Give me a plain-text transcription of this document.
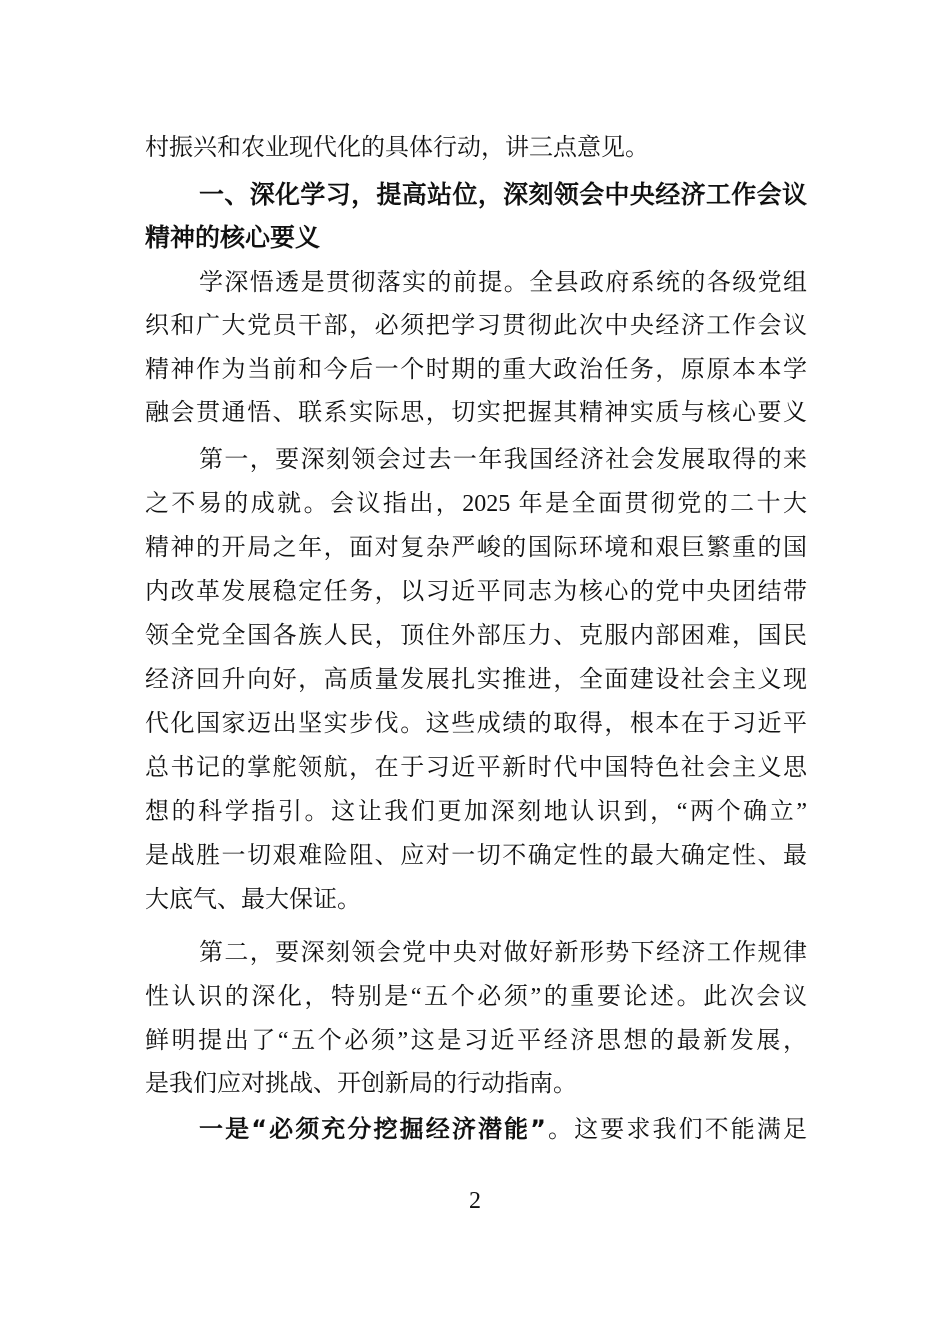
村振兴和农业现代化的具体行动，讲三点意见。
一、深化学习，提高站位，深刻领会中央经济工作会议
精神的核心要义
学深悟透是贯彻落实的前提。全县政府系统的各级党组
织和广大党员干部，必须把学习贯彻此次中央经济工作会议
精神作为当前和今后一个时期的重大政治任务，原原本本学
融会贯通悟、联系实际思，切实把握其精神实质与核心要义
第一，要深刻领会过去一年我国经济社会发展取得的来
之不易的成就。会议指出，2025 年是全面贯彻党的二十大
精神的开局之年，面对复杂严峻的国际环境和艰巨繁重的国
内改革发展稳定任务，以习近平同志为核心的党中央团结带
领全党全国各族人民，顶住外部压力、克服内部困难，国民
经济回升向好，高质量发展扎实推进，全面建设社会主义现
代化国家迈出坚实步伐。这些成绩的取得，根本在于习近平
总书记的掌舵领航，在于习近平新时代中国特色社会主义思
想的科学指引。这让我们更加深刻地认识到，“两个确立”
是战胜一切艰难险阻、应对一切不确定性的最大确定性、最
大底气、最大保证。
第二，要深刻领会党中央对做好新形势下经济工作规律
性认识的深化，特别是“五个必须”的重要论述。此次会议
鲜明提出了“五个必须”这是习近平经济思想的最新发展，
是我们应对挑战、开创新局的行动指南。
一是“必须充分挖掘经济潜能”。这要求我们不能满足
2
